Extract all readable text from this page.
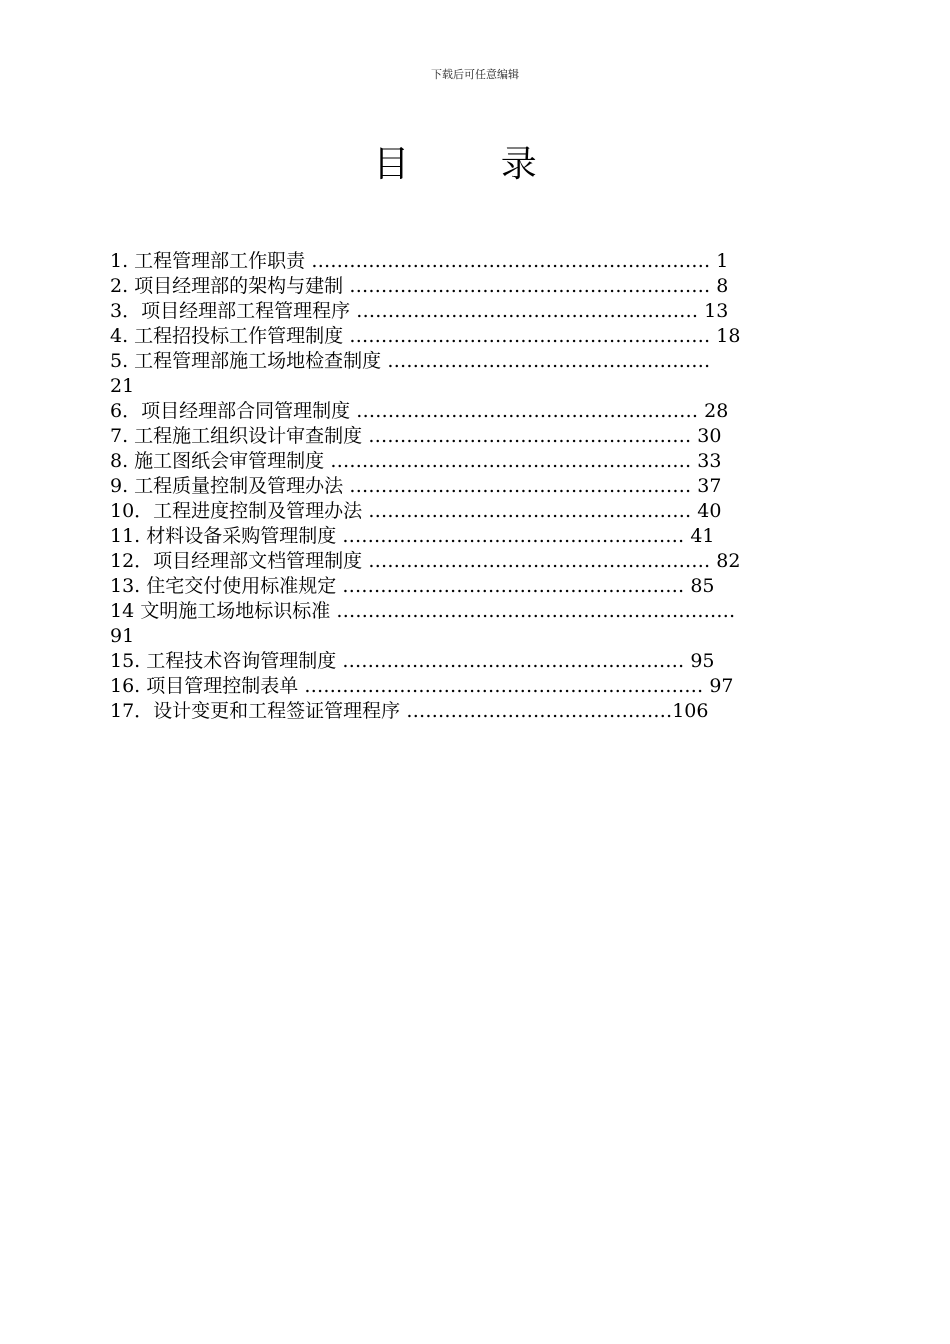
下载后可任意编辑
目 录
1. 工程管理部工作职责 ……………………………………………………… 1
2. 项目经理部的架构与建制 ………………………………………………… 8
3．项目经理部工程管理程序 ……………………………………………… 13
4. 工程招投标工作管理制度 ………………………………………………… 18
5. 工程管理部施工场地检查制度 ……………………………………………
21
6．项目经理部合同管理制度 ……………………………………………… 28
7. 工程施工组织设计审查制度 …………………………………………… 30
8. 施工图纸会审管理制度 ………………………………………………… 33
9. 工程质量控制及管理办法 ……………………………………………… 37
10．工程进度控制及管理办法 …………………………………………… 40
11. 材料设备采购管理制度 ……………………………………………… 41
12．项目经理部文档管理制度 ……………………………………………… 82
13. 住宅交付使用标准规定 ……………………………………………… 85
14 文明施工场地标识标准 ………………………………………………………
91
15. 工程技术咨询管理制度 ……………………………………………… 95
16. 项目管理控制表单 ……………………………………………………… 97
17．设计变更和工程签证管理程序 ……………………………………106
